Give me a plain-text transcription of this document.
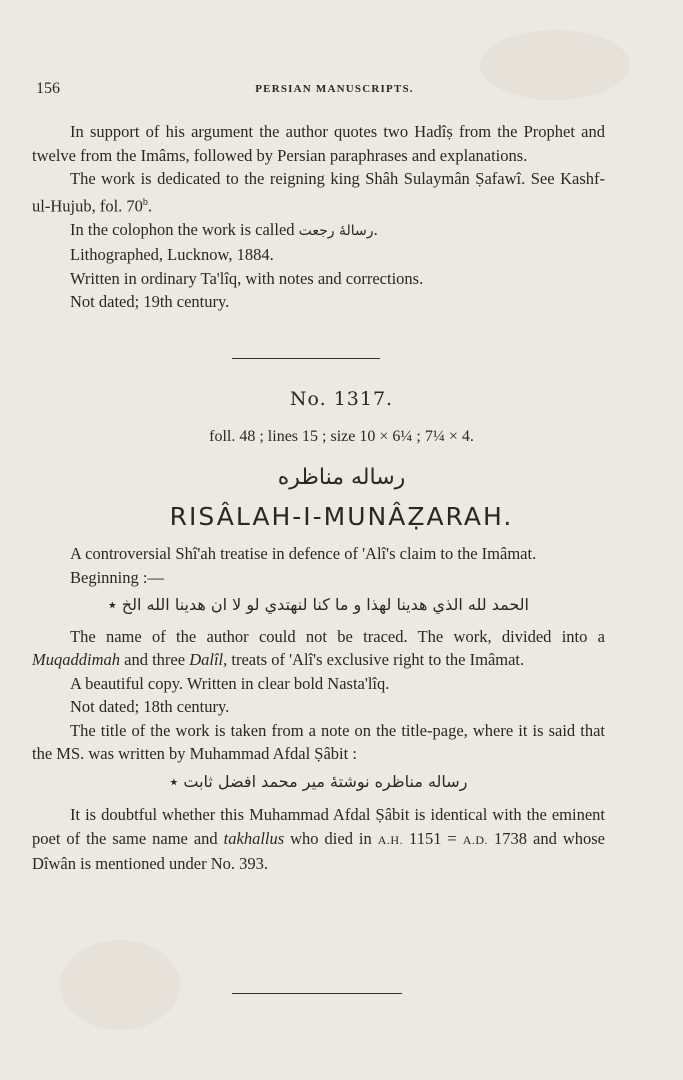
156	PERSIAN MANUSCRIPTS.

In support of his argument the author quotes two Hadîṣ from the Prophet and twelve from the Imâms, followed by Persian paraphrases and explanations.

The work is dedicated to the reigning king Shâh Sulaymân Ṣafawî. See Kashf-ul-Hujub, fol. 70$^b$.

In the colophon the work is called رسالهٔ رجعت.

Lithographed, Lucknow, 1884.

Written in ordinary Ta'lîq, with notes and corrections.

Not dated; 19th century.

No. 1317.
foll. 48 ; lines 15 ; size 10 × 6¼ ; 7¼ × 4.
رساله مناظره
RISÂLAH-I-MUNÂẒARAH.

A controversial Shî'ah treatise in defence of 'Alî's claim to the Imâmat.

Beginning :—

الحمد لله الذي هدينا لهذا و ما كنا لنهتدي لو لا ان هدينا الله الخ ٭

The name of the author could not be traced. The work, divided into a Muqaddimah and three Dalîl, treats of 'Alî's exclusive right to the Imâmat.

A beautiful copy. Written in clear bold Nasta'lîq.

Not dated; 18th century.

The title of the work is taken from a note on the title-page, where it is said that the MS. was written by Muhammad Afdal Ṣâbit :

رساله مناظره نوشتهٔ میر محمد افضل ثابت ٭

It is doubtful whether this Muhammad Afdal Ṣâbit is identical with the eminent poet of the same name and takhallus who died in A.H. 1151 = A.D. 1738 and whose Dîwân is mentioned under No. 393.
